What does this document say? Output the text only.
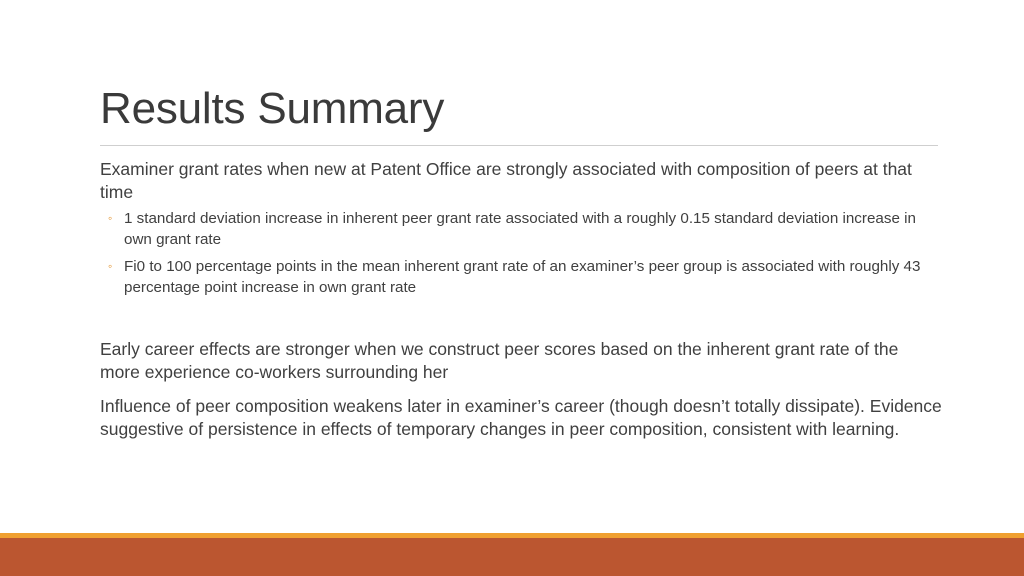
Results Summary

Examiner grant rates when new at Patent Office are strongly associated with composition of peers at that time

◦ 1 standard deviation increase in inherent peer grant rate associated with a roughly 0.15 standard deviation increase in own grant rate
◦ Fi0 to 100 percentage points in the mean inherent grant rate of an examiner’s peer group is associated with roughly 43 percentage point increase in own grant rate

Early career effects are stronger when we construct peer scores based on the inherent grant rate of the more experience co-workers surrounding her

Influence of peer composition weakens later in examiner’s career (though doesn’t totally dissipate). Evidence suggestive of persistence in effects of temporary changes in peer composition, consistent with learning.
